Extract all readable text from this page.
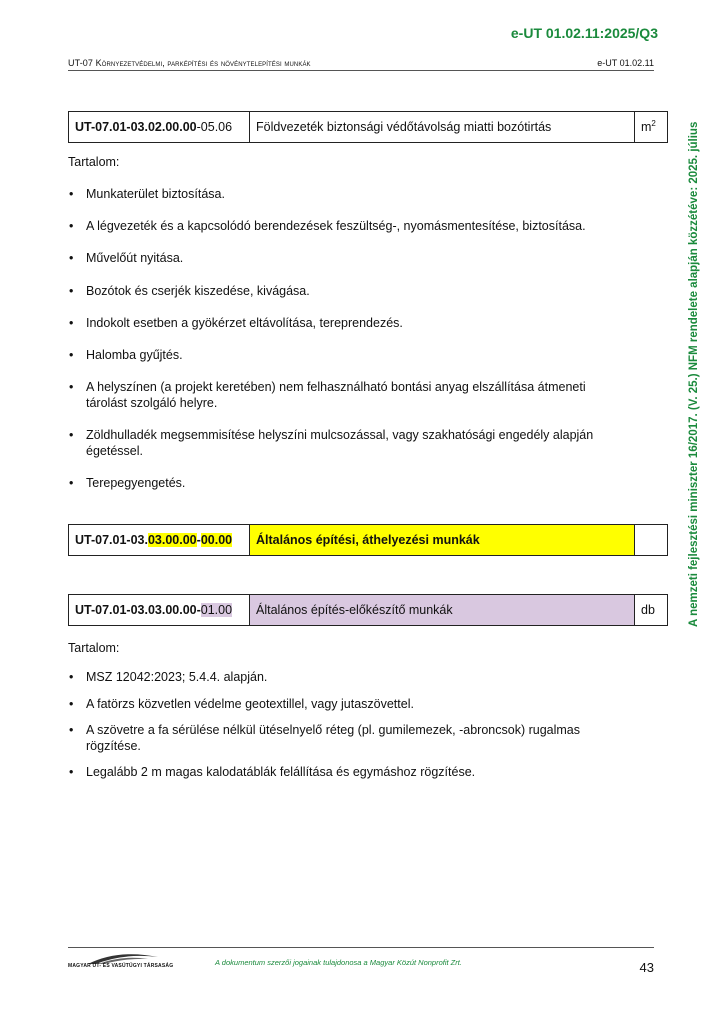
e-UT 01.02.11:2025/Q3
UT-07 Környezetvédelmi, parképítési és növénytelepítési munkák	e-UT 01.02.11
A nemzeti fejlesztési miniszter 16/2017. (V. 25.) NFM rendelete alapján közzétéve: 2025. július
UT-07.01-03.02.00.00-05.06	Földvezeték biztonsági védőtávolság miatti bozótirtás	$m^2$
Tartalom:
• Munkaterület biztosítása.
• A légvezeték és a kapcsolódó berendezések feszültség-, nyomásmentesítése, biztosítása.
• Művelőút nyitása.
• Bozótok és cserjék kiszedése, kivágása.
• Indokolt esetben a gyökérzet eltávolítása, tereprendezés.
• Halomba gyűjtés.
• A helyszínen (a projekt keretében) nem felhasználható bontási anyag elszállítása átmeneti tárolást szolgáló helyre.
• Zöldhulladék megsemmisítése helyszíni mulcsozással, vagy szakhatósági engedély alapján égetéssel.
• Terepegyengetés.
UT-07.01-03.03.00.00-00.00	Általános építési, áthelyezési munkák	
UT-07.01-03.03.00.00-01.00	Általános építés-előkészítő munkák	db
Tartalom:
• MSZ 12042:2023; 5.4.4. alapján.
• A fatörzs közvetlen védelme geotextillel, vagy jutaszövettel.
• A szövetre a fa sérülése nélkül ütéselnyelő réteg (pl. gumilemezek, -abroncsok) rugalmas rögzítése.
• Legalább 2 m magas kalodatáblák felállítása és egymáshoz rögzítése.
MAGYAR ÚT- ÉS VASÚTÜGYI TÁRSASÁG	A dokumentum szerzői jogainak tulajdonosa a Magyar Közút Nonprofit Zrt.	43
